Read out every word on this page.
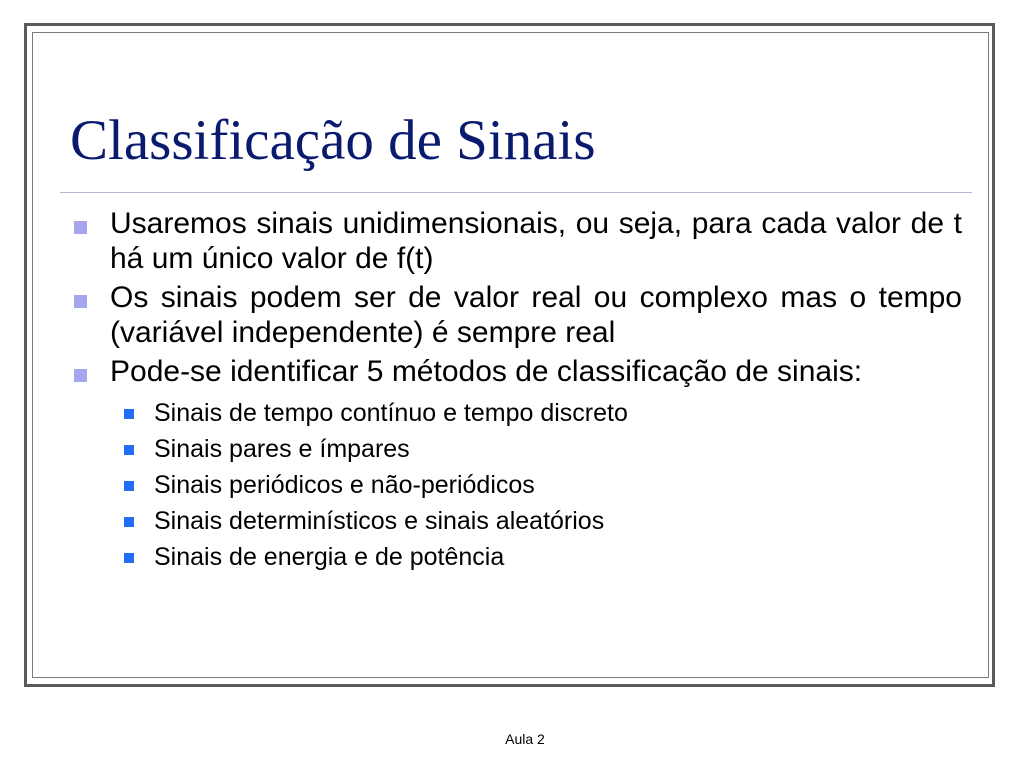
Classificação de Sinais
Usaremos sinais unidimensionais, ou seja, para cada valor de t há um único valor de f(t)
Os sinais podem ser de valor real ou complexo mas o tempo (variável independente) é sempre real
Pode-se identificar 5 métodos de classificação de sinais:
Sinais de tempo contínuo e tempo discreto
Sinais pares e ímpares
Sinais periódicos e não-periódicos
Sinais determinísticos e sinais aleatórios
Sinais de energia e de potência
Aula 2
